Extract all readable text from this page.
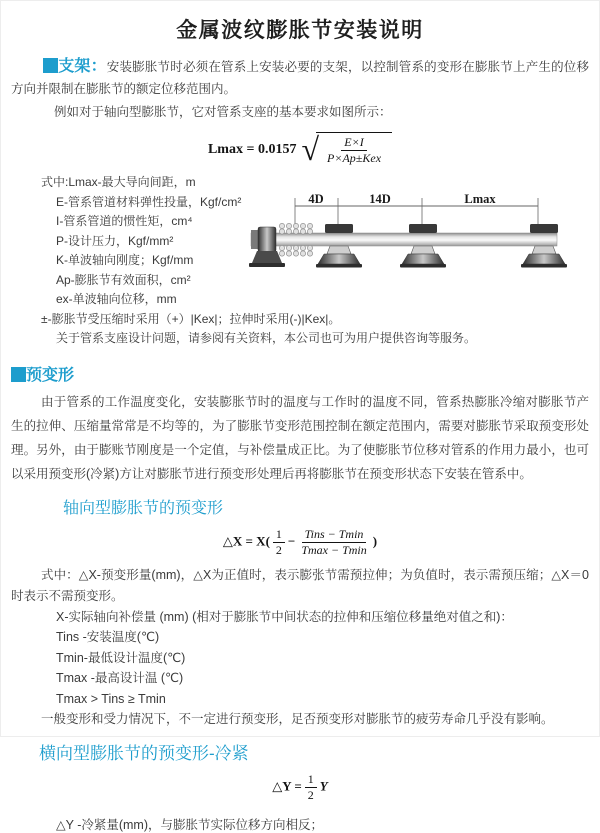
金属波纹膨胀节安装说明

支架：安装膨胀节时必须在管系上安装必要的支架，以控制管系的变形在膨胀节上产生的位移方向并限制在膨胀节的额定位移范围内。

例如对于轴向型膨胀节，它对管系支座的基本要求如图所示：

Lmax = 0.0157 √ $\frac{E\times I}{\text{P×Ap±Kex}}$
式中:Lmax-最大导向间距，m
E-管系管道材料弹性投量，Kgf/cm²
I-管系管道的惯性矩，cm⁴
P-设计压力，Kgf/mm²
K-单波轴向刚度；Kgf/mm
Ap-膨胀节有效面积，cm²
ex-单波轴向位移，mm
±-膨胀节受压缩时采用（+）|Kex|；拉伸时采用(-)|Kex|。
关于管系支座设计问题，请参阅有关资料，本公司也可为用户提供咨询等服务。
4D	14D	Lmax
预变形

由于管系的工作温度变化，安装膨胀节时的温度与工作时的温度不同，管系热膨胀冷缩对膨胀节产生的拉伸、压缩量常常是不均等的，为了膨胀节变形范围控制在额定范围内，需要对膨胀节采取预变形处理。另外，由于膨账节刚度是一个定值，与补偿量成正比。为了使膨胀节位移对管系的作用力最小，也可以采用预变形(冷紧)方让对膨胀节进行预变形处理后再将膨胀节在预变形状态下安装在管系中。

轴向型膨胀节的预变形
△X = $X( \frac{1}{2} - \frac{\text{Tins − Tmin}}{Tmax - Tmin}$ )

式中：△X-预变形量(mm)，△X为正值时，表示膨张节需预拉伸；为负值时，表示需预压缩；△X＝0时表示不需预变形。

X-实际轴向补偿量 (mm) (相对于膨胀节中间状态的拉伸和压缩位移量绝对值之和)：
Tins -安装温度(℃)
Tmin-最低设计温度(℃)
Tmax -最高设计温 (℃)
Tmax > Tins ≥ Tmin

一般变形和受力情况下，不一定进行预变形，足否预变形对膨胀节的疲劳寿命几乎没有影响。

横向型膨胀节的预变形-冷紧
△Y = $\frac{1}{2}$ Y
△Y -冷紧量(mm)，与膨胀节实际位移方向相反；
